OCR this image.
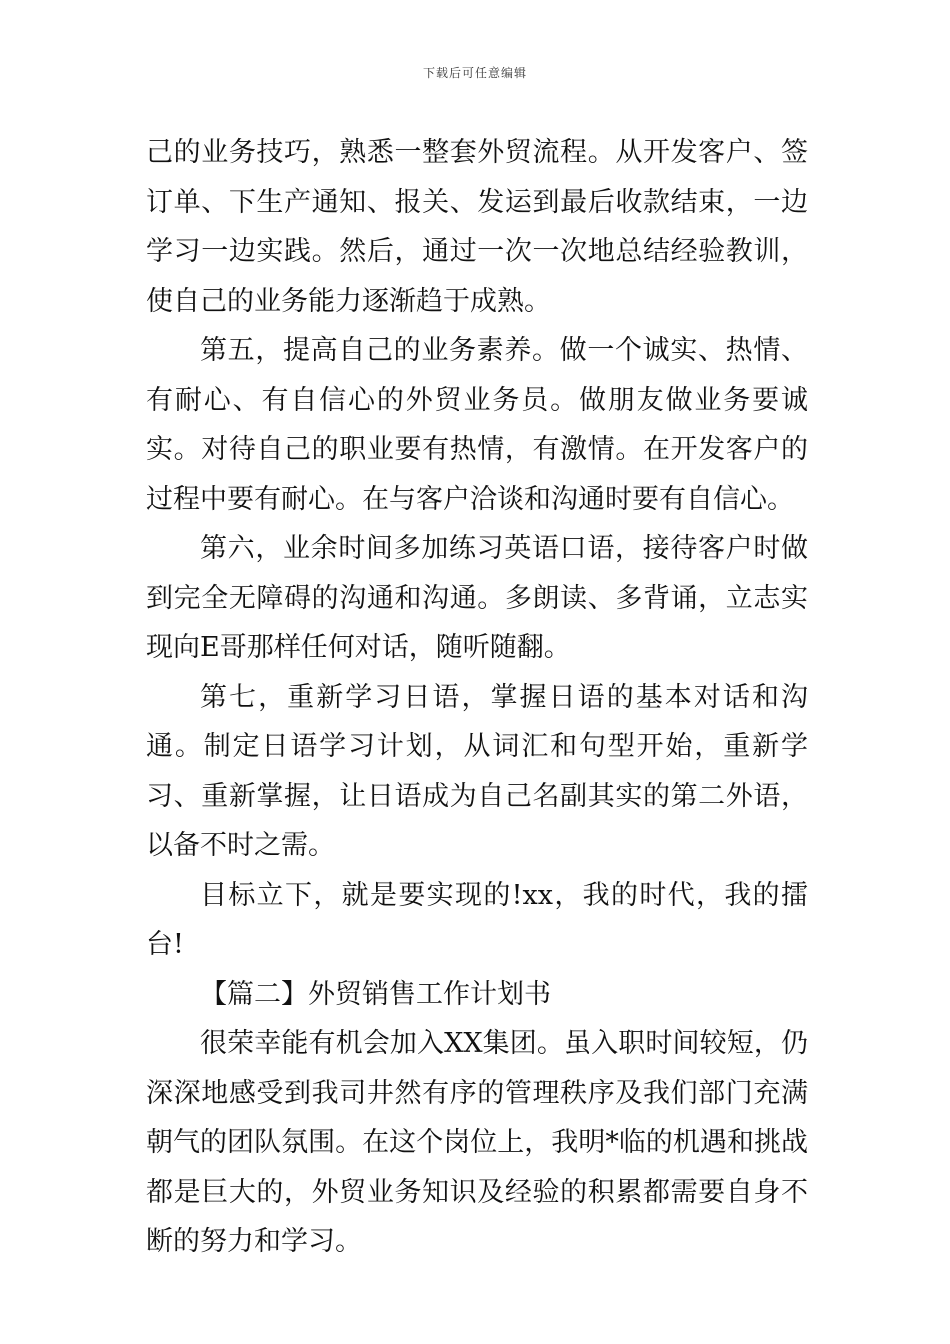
下载后可任意编辑

己的业务技巧，熟悉一整套外贸流程。从开发客户、签订单、下生产通知、报关、发运到最后收款结束，一边学习一边实践。然后，通过一次一次地总结经验教训，使自己的业务能力逐渐趋于成熟。

第五，提高自己的业务素养。做一个诚实、热情、有耐心、有自信心的外贸业务员。做朋友做业务要诚实。对待自己的职业要有热情，有激情。在开发客户的过程中要有耐心。在与客户洽谈和沟通时要有自信心。

第六，业余时间多加练习英语口语，接待客户时做到完全无障碍的沟通和沟通。多朗读、多背诵，立志实现向E哥那样任何对话，随听随翻。

第七，重新学习日语，掌握日语的基本对话和沟通。制定日语学习计划，从词汇和句型开始，重新学习、重新掌握，让日语成为自己名副其实的第二外语，以备不时之需。

目标立下，就是要实现的!xx，我的时代，我的擂台!

【篇二】外贸销售工作计划书

很荣幸能有机会加入XX集团。虽入职时间较短，仍深深地感受到我司井然有序的管理秩序及我们部门充满朝气的团队氛围。在这个岗位上，我明*临的机遇和挑战都是巨大的，外贸业务知识及经验的积累都需要自身不断的努力和学习。
